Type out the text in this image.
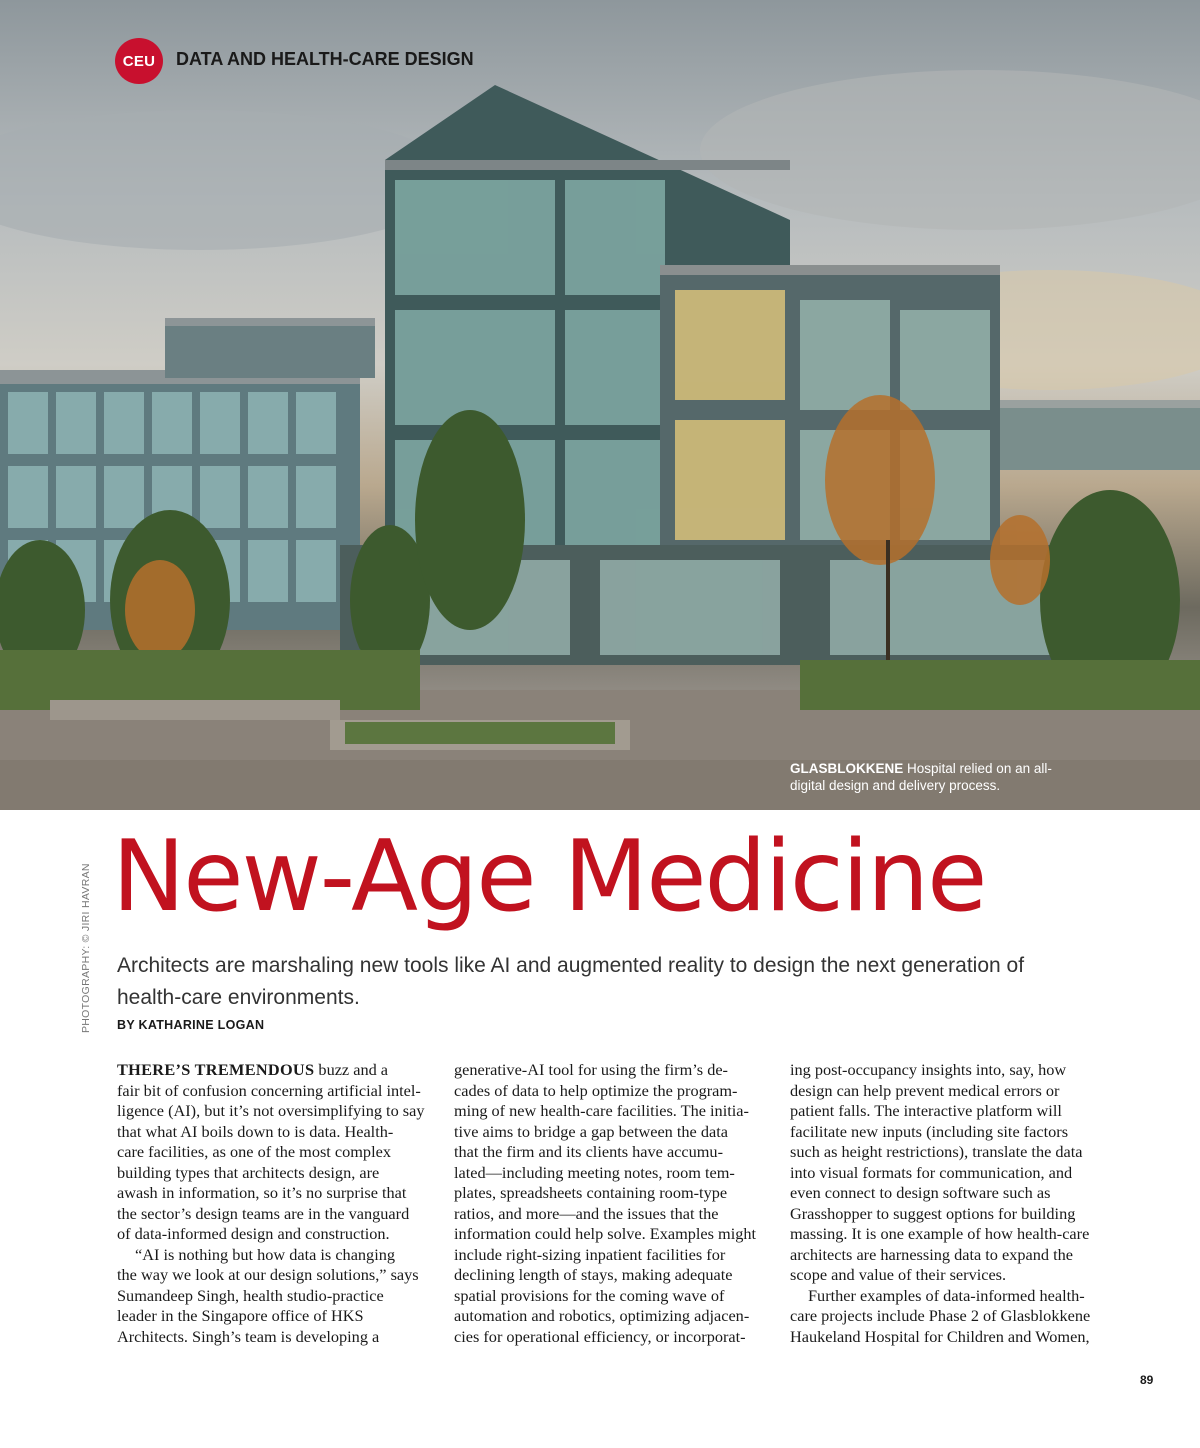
CEU	DATA AND HEALTH-CARE DESIGN
GLASBLOKKENE Hospital relied on an all-digital design and delivery process.
New-Age Medicine
Architects are marshaling new tools like AI and augmented reality to design the next generation of health-care environments.
BY KATHARINE LOGAN
PHOTOGRAPHY: © JIRI HAVRAN

THERE’S TREMENDOUS buzz and a

fair bit of confusion concerning artificial intel-

ligence (AI), but it’s not oversimplifying to say

that what AI boils down to is data. Health-

care facilities, as one of the most complex

building types that architects design, are

awash in information, so it’s no surprise that

the sector’s design teams are in the vanguard

of data-informed design and construction.

“AI is nothing but how data is changing

the way we look at our design solutions,” says

Sumandeep Singh, health studio-practice

leader in the Singapore office of HKS

Architects. Singh’s team is developing a

generative-AI tool for using the firm’s de-

cades of data to help optimize the program-

ming of new health-care facilities. The initia-

tive aims to bridge a gap between the data

that the firm and its clients have accumu-

lated—including meeting notes, room tem-

plates, spreadsheets containing room-type

ratios, and more—and the issues that the

information could help solve. Examples might

include right-sizing inpatient facilities for

declining length of stays, making adequate

spatial provisions for the coming wave of

automation and robotics, optimizing adjacen-

cies for operational efficiency, or incorporat-

ing post-occupancy insights into, say, how

design can help prevent medical errors or

patient falls. The interactive platform will

facilitate new inputs (including site factors

such as height restrictions), translate the data

into visual formats for communication, and

even connect to design software such as

Grasshopper to suggest options for building

massing. It is one example of how health-care

architects are harnessing data to expand the

scope and value of their services.

Further examples of data-informed health-

care projects include Phase 2 of Glasblokkene

Haukeland Hospital for Children and Women,

89
